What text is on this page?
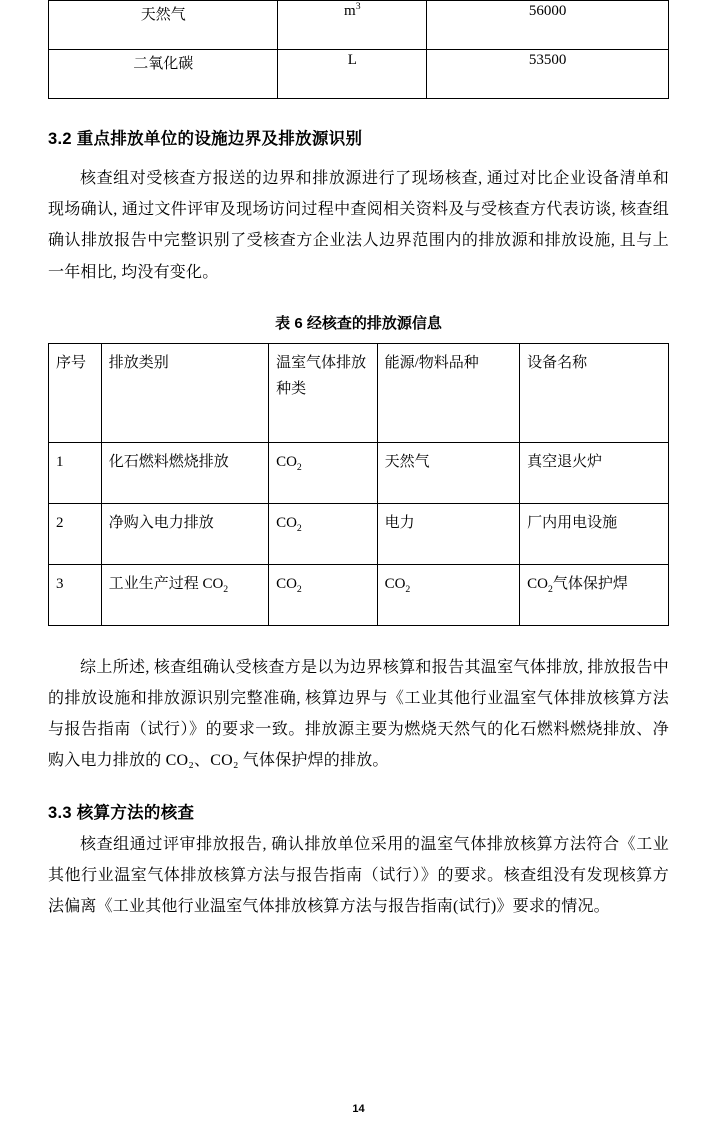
天然气	$m^3$	56000
二氧化碳	L	53500
3.2 重点排放单位的设施边界及排放源识别

核查组对受核查方报送的边界和排放源进行了现场核查, 通过对比企业设备清单和现场确认, 通过文件评审及现场访问过程中查阅相关资料及与受核查方代表访谈, 核查组确认排放报告中完整识别了受核查方企业法人边界范围内的排放源和排放设施, 且与上一年相比, 均没有变化。

表 6 经核查的排放源信息
序号	排放类别	温室气体排放种类	能源/物料品种	设备名称
1	化石燃料燃烧排放	$CO_2$	天然气	真空退火炉
2	净购入电力排放	$CO_2$	电力	厂内用电设施
3	工业生产过程 $CO_2$	$CO_2$	$CO_2$	$CO_2$气体保护焊

综上所述, 核查组确认受核查方是以为边界核算和报告其温室气体排放, 排放报告中的排放设施和排放源识别完整准确, 核算边界与《工业其他行业温室气体排放核算方法与报告指南（试行）》的要求一致。排放源主要为燃烧天然气的化石燃料燃烧排放、净购入电力排放的 CO₂、CO₂ 气体保护焊的排放。

3.3 核算方法的核查

核查组通过评审排放报告, 确认排放单位采用的温室气体排放核算方法符合《工业其他行业温室气体排放核算方法与报告指南（试行）》的要求。核查组没有发现核算方法偏离《工业其他行业温室气体排放核算方法与报告指南(试行)》要求的情况。

14
